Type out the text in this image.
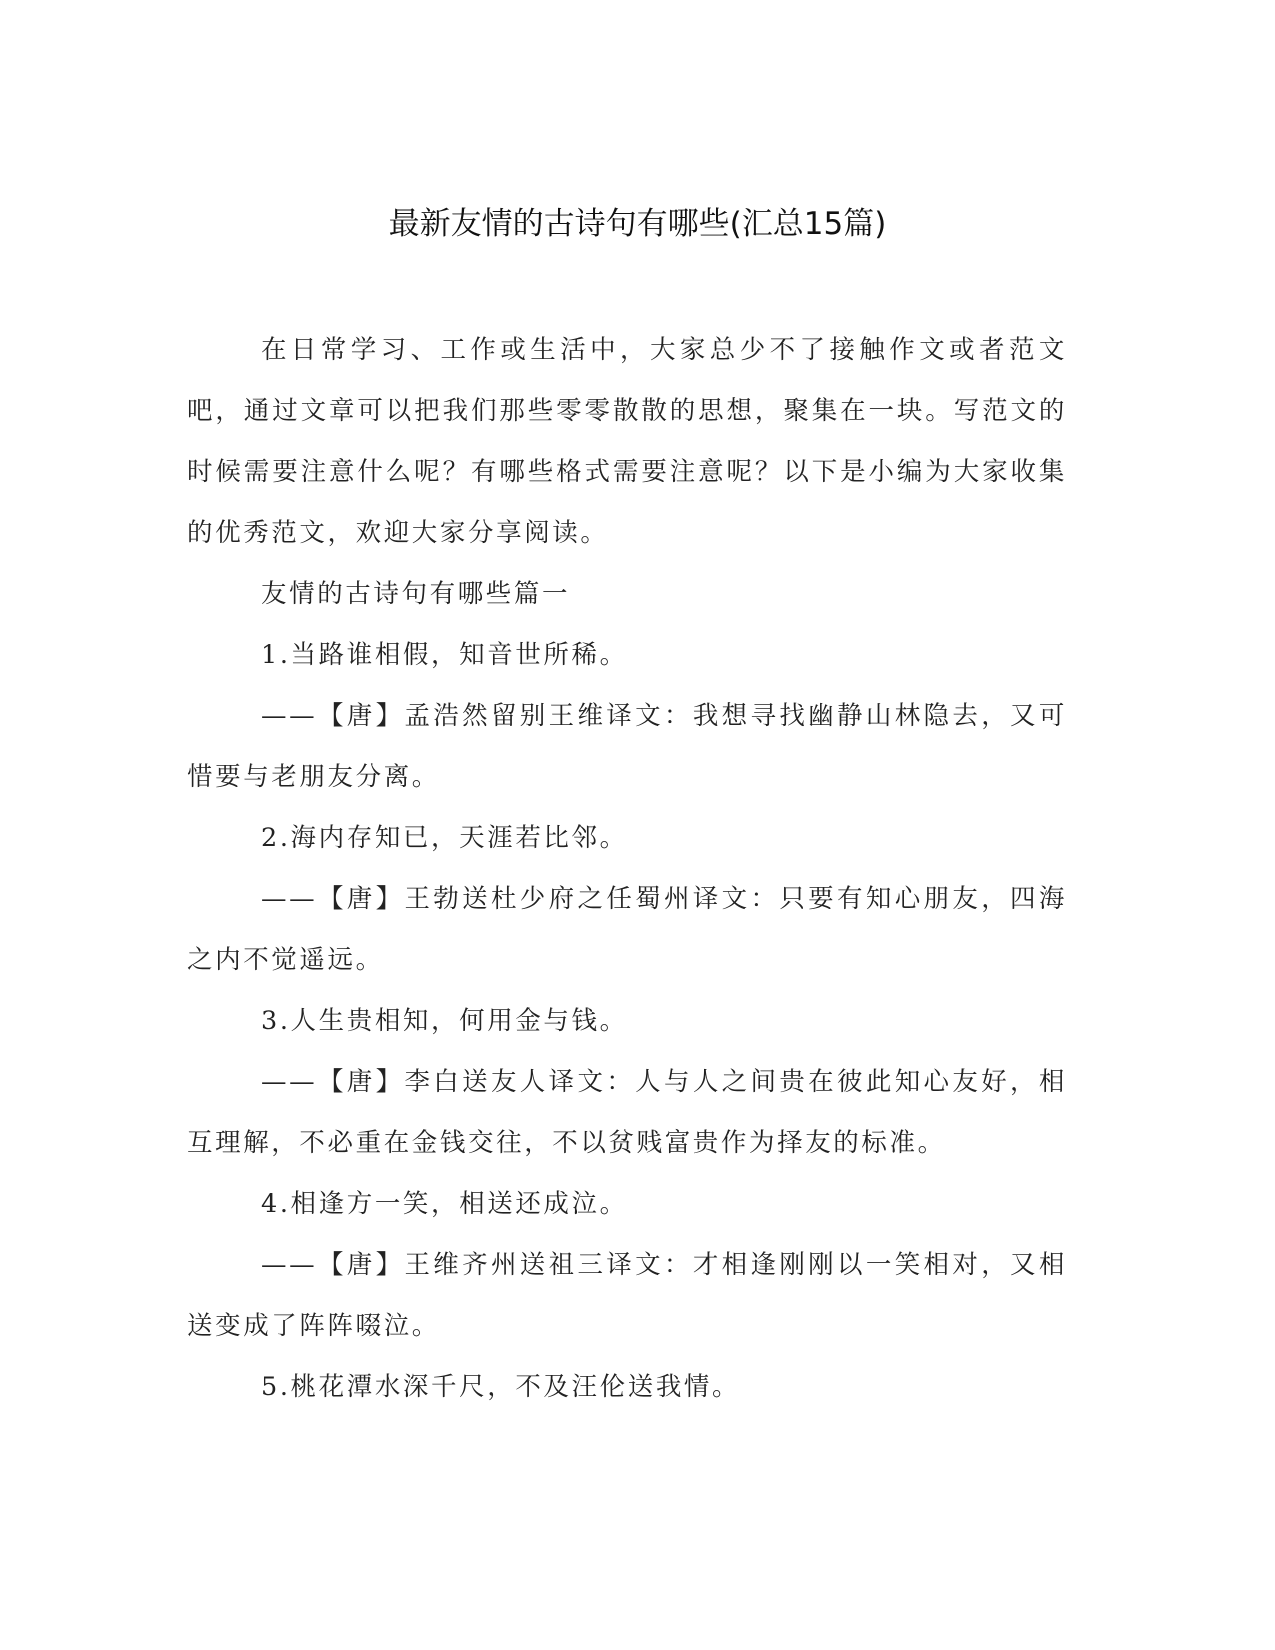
最新友情的古诗句有哪些(汇总15篇)

在日常学习、工作或生活中，大家总少不了接触作文或者范文吧，通过文章可以把我们那些零零散散的思想，聚集在一块。写范文的时候需要注意什么呢？有哪些格式需要注意呢？以下是小编为大家收集的优秀范文，欢迎大家分享阅读。

友情的古诗句有哪些篇一

1.当路谁相假，知音世所稀。

——【唐】孟浩然留别王维译文：我想寻找幽静山林隐去，又可惜要与老朋友分离。

2.海内存知已，天涯若比邻。

——【唐】王勃送杜少府之任蜀州译文：只要有知心朋友，四海之内不觉遥远。

3.人生贵相知，何用金与钱。

——【唐】李白送友人译文：人与人之间贵在彼此知心友好，相互理解，不必重在金钱交往，不以贫贱富贵作为择友的标准。

4.相逢方一笑，相送还成泣。

——【唐】王维齐州送祖三译文：才相逢刚刚以一笑相对，又相送变成了阵阵啜泣。

5.桃花潭水深千尺，不及汪伦送我情。
